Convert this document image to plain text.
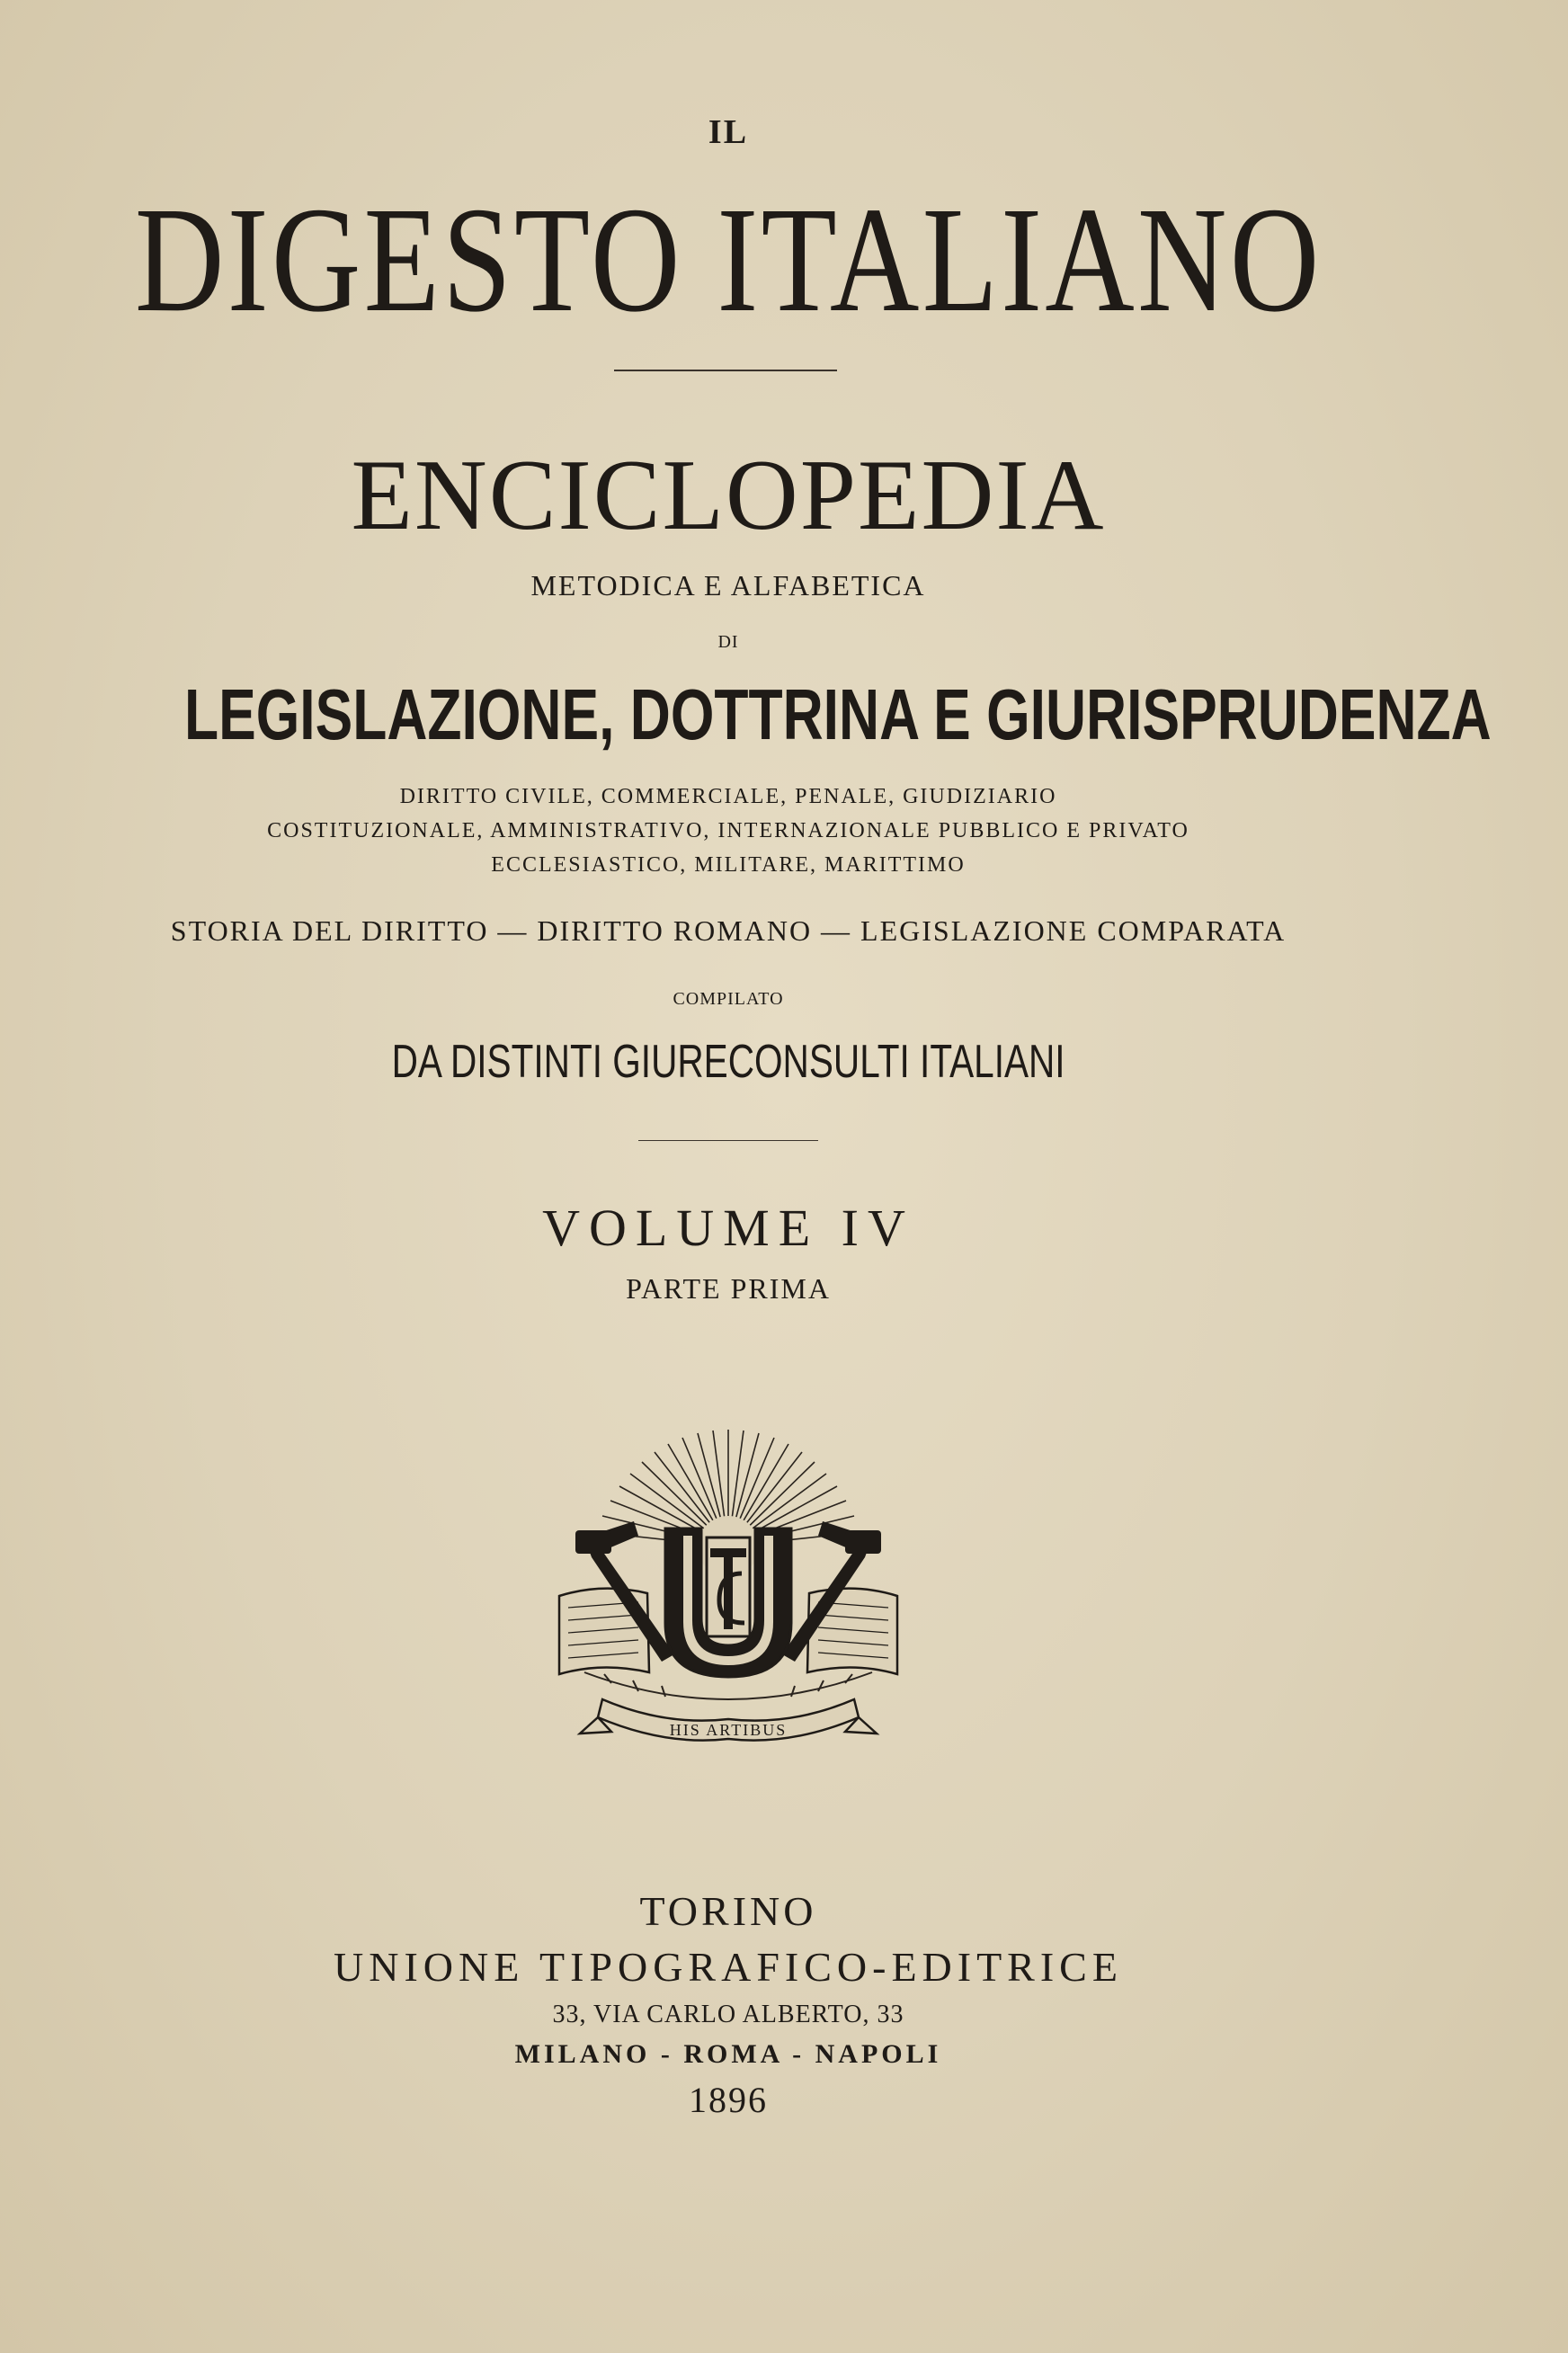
IL
DIGESTO ITALIANO
ENCICLOPEDIA
METODICA E ALFABETICA
DI
LEGISLAZIONE, DOTTRINA E GIURISPRUDENZA
DIRITTO CIVILE, COMMERCIALE, PENALE, GIUDIZIARIO
COSTITUZIONALE, AMMINISTRATIVO, INTERNAZIONALE PUBBLICO E PRIVATO
ECCLESIASTICO, MILITARE, MARITTIMO
STORIA DEL DIRITTO — DIRITTO ROMANO — LEGISLAZIONE COMPARATA
COMPILATO
DA DISTINTI GIURECONSULTI ITALIANI
VOLUME IV
PARTE PRIMA
HIS ARTIBUS
TORINO
UNIONE TIPOGRAFICO-EDITRICE
33, VIA CARLO ALBERTO, 33
MILANO - ROMA - NAPOLI
1896
